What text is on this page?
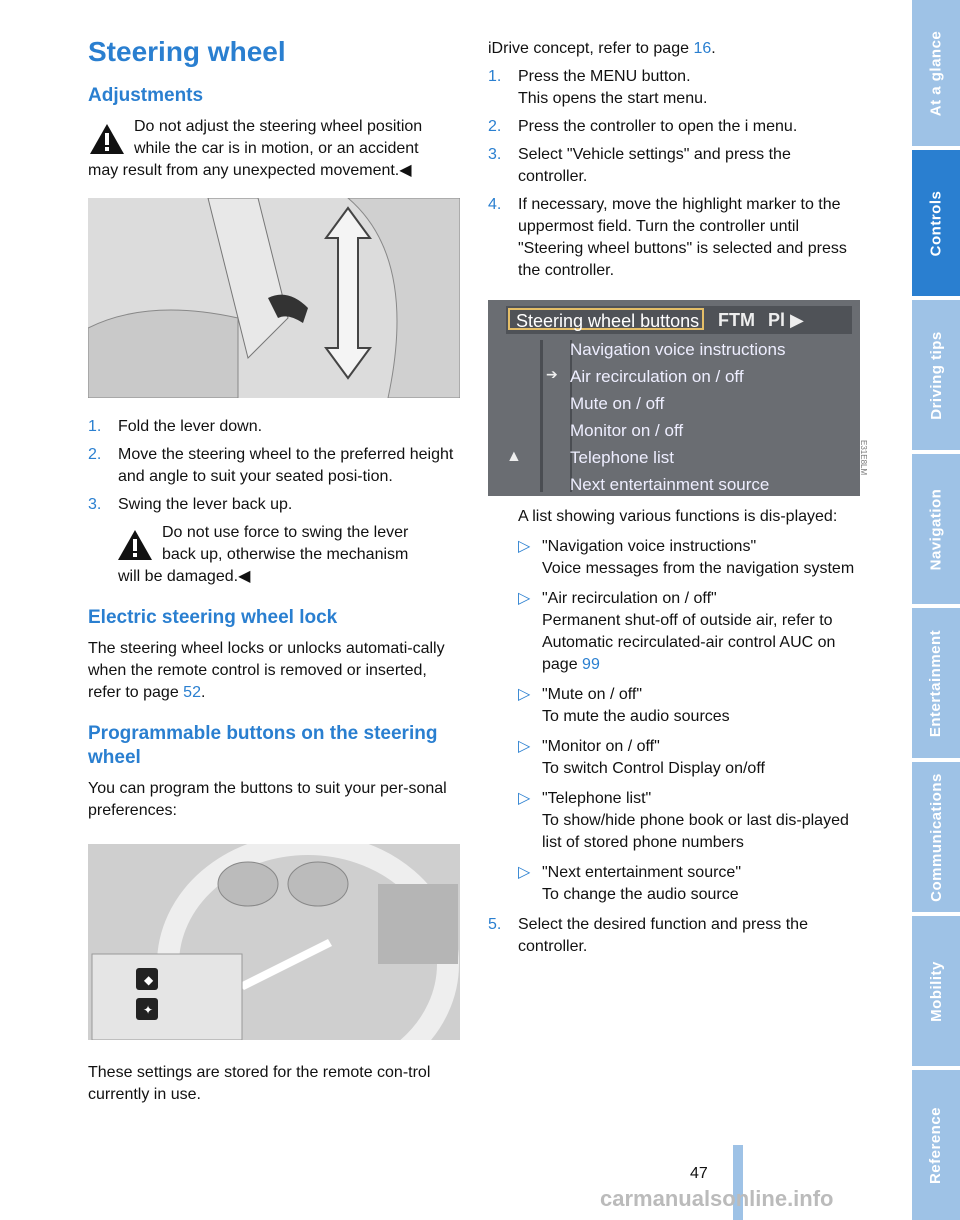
Steering wheel
Adjustments

Do not adjust the steering wheel position
while the car is in motion, or an accident
may result from any unexpected movement.◀

1.	Fold the lever down.
2.	Move the steering wheel to the preferred height and angle to suit your seated posi-tion.
3.	Swing the lever back up.

Do not use force to swing the lever
back up, otherwise the mechanism
will be damaged.◀

Electric steering wheel lock

The steering wheel locks or unlocks automati-cally when the remote control is removed or inserted, refer to page 52.

Programmable buttons on the steering wheel

You can program the buttons to suit your per-sonal preferences:

◆
✦

These settings are stored for the remote con-trol currently in use.

iDrive concept, refer to page 16.

1.	Press the MENU button.
This opens the start menu.
2.	Press the controller to open the i menu.
3.	Select "Vehicle settings" and press the controller.
4.	If necessary, move the highlight marker to the uppermost field. Turn the controller until "Steering wheel buttons" is selected and press the controller.
Steering wheel buttons FTM Pl ▶
Navigation voice instructions
Air recirculation on / off
Mute on / off
Monitor on / off
Telephone list
Next entertainment source
➔
▲	E31E8LM

A list showing various functions is dis-played:

▷ "Navigation voice instructions"
Voice messages from the navigation system
▷ "Air recirculation on / off"
Permanent shut-off of outside air, refer to Automatic recirculated-air control AUC on page 99
▷ "Mute on / off"
To mute the audio sources
▷ "Monitor on / off"
To switch Control Display on/off
▷ "Telephone list"
To show/hide phone book or last dis-played list of stored phone numbers
▷ "Next entertainment source"
To change the audio source
5.	Select the desired function and press the controller.
At a glance
Controls
Driving tips
Navigation
Entertainment
Communications
Mobility
Reference
47
carmanualsonline.info
